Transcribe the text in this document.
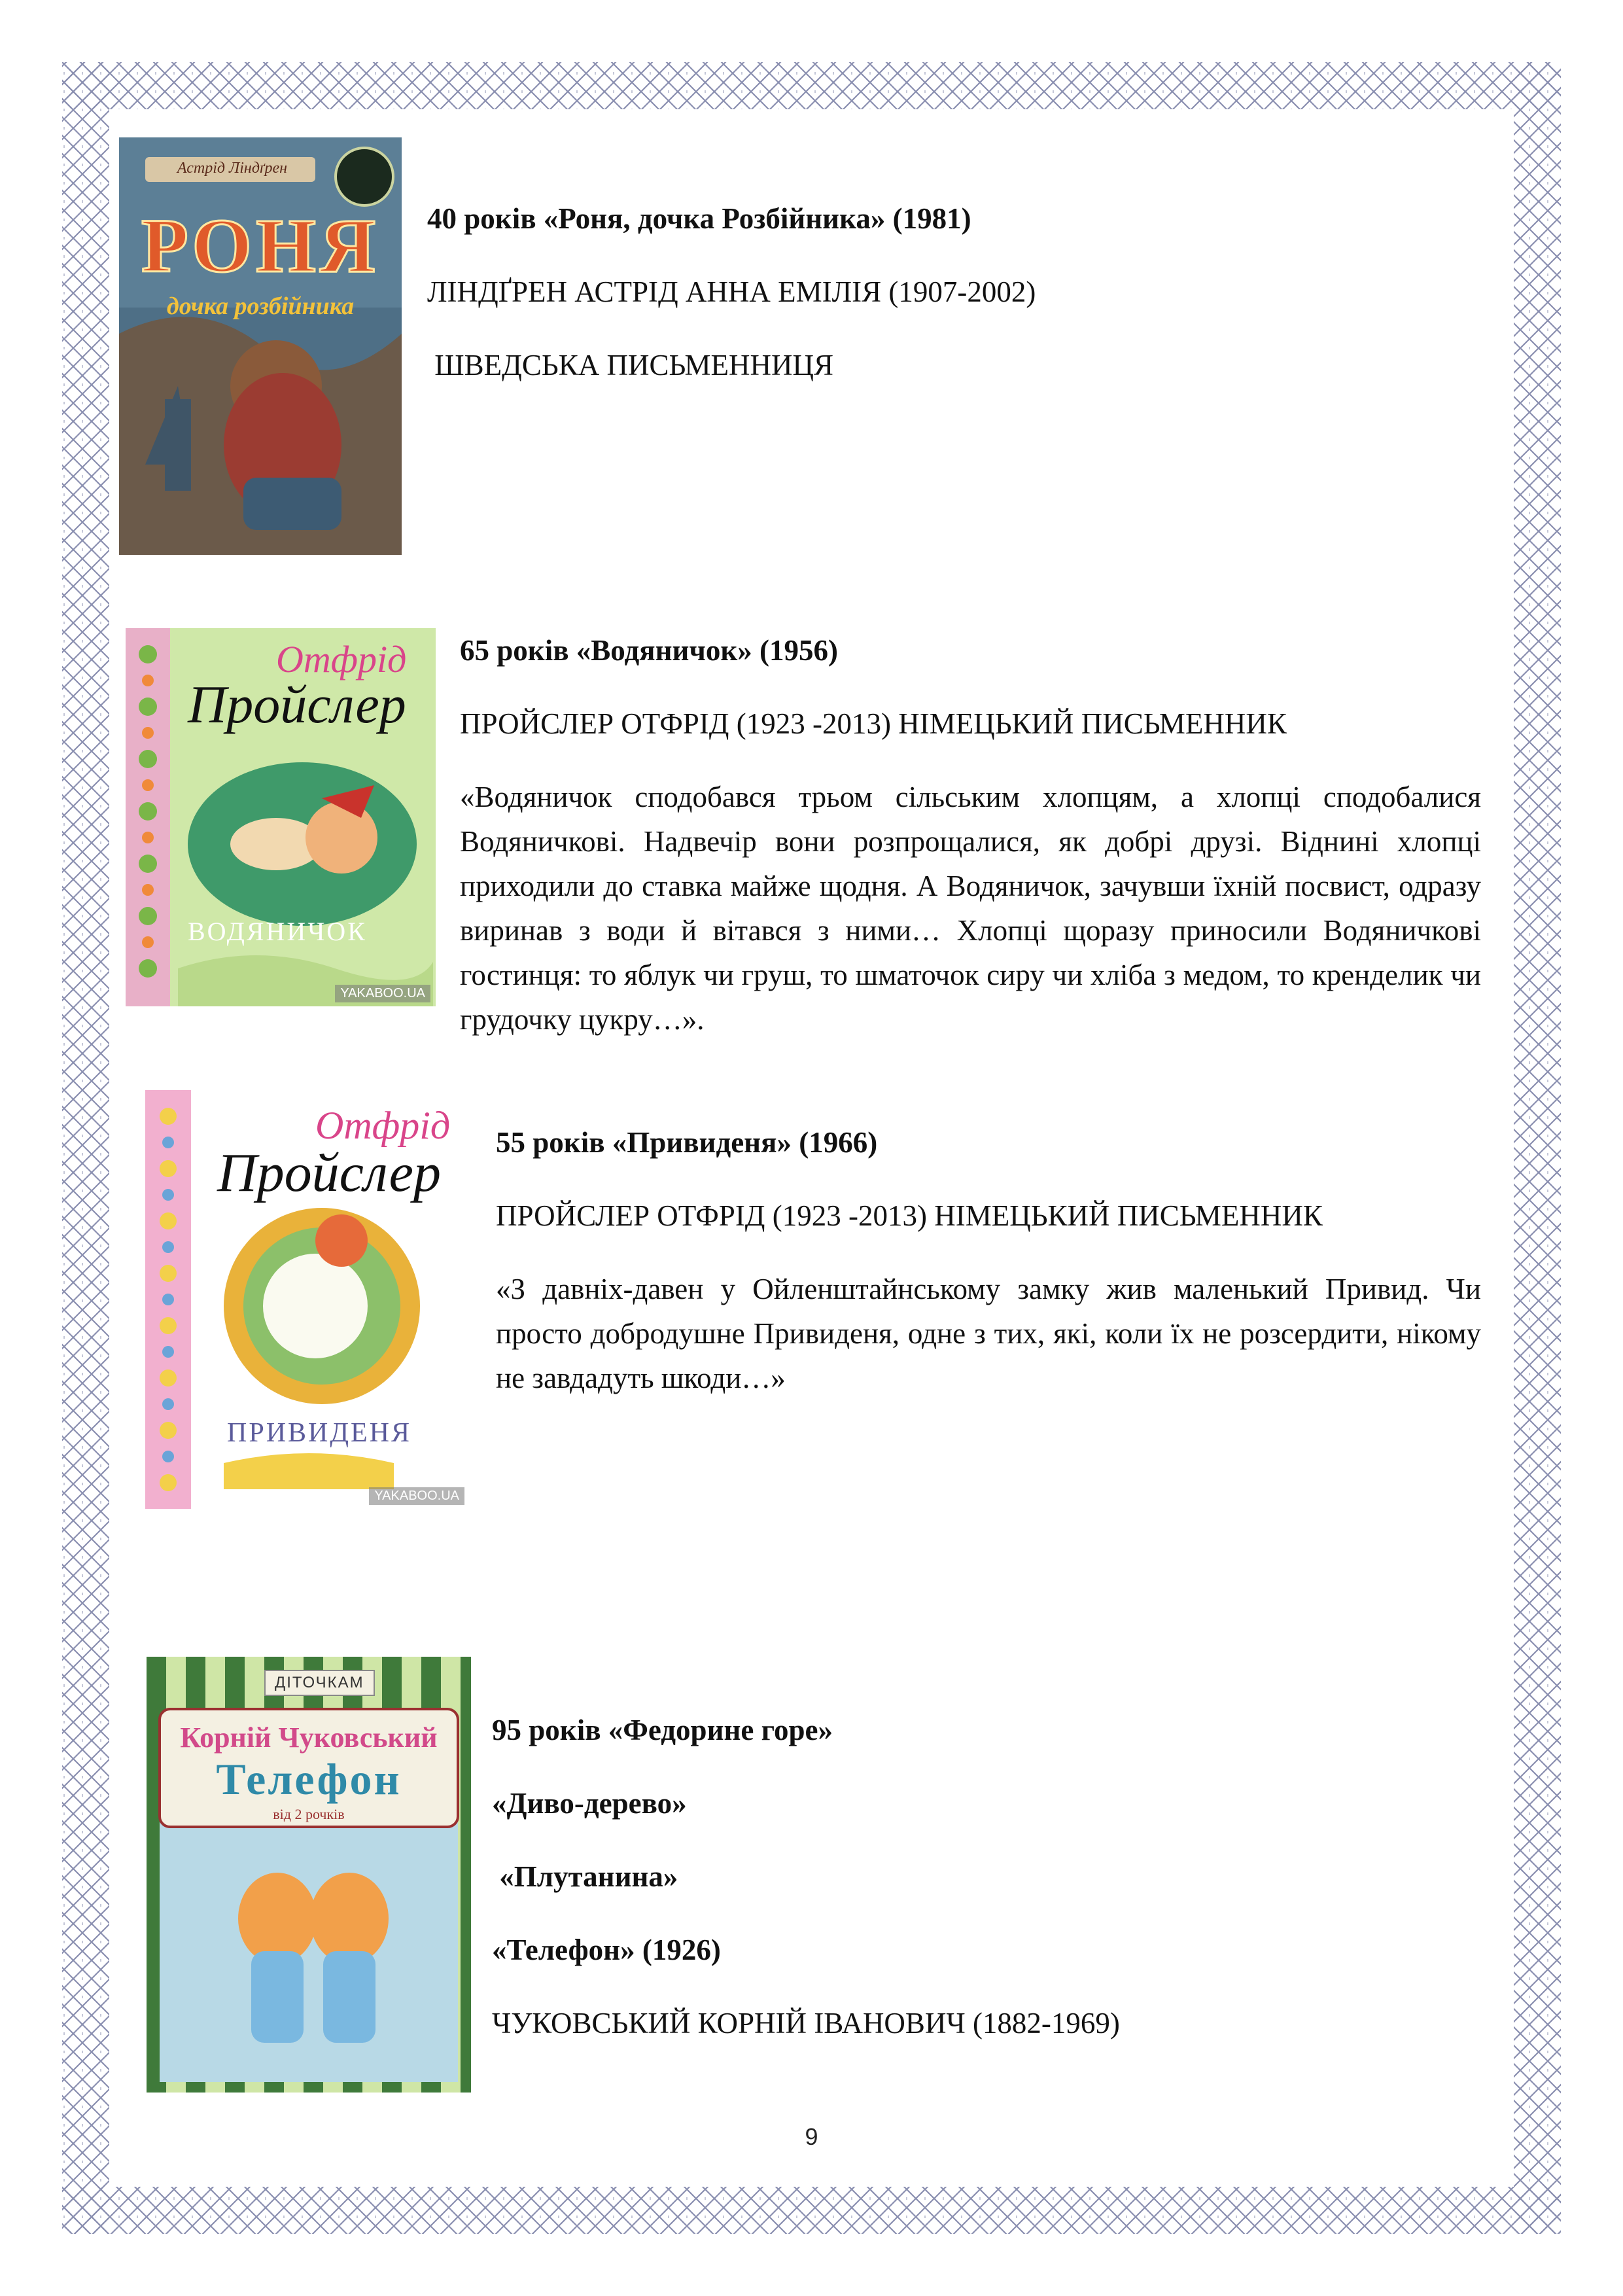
Астрід Ліндґрен
РОНЯ
дочка розбійника

40 років «Роня, дочка Розбійника» (1981)

ЛІНДҐРЕН АСТРІД АННА ЕМІЛІЯ (1907-2002)

ШВЕДСЬКА ПИСЬМЕННИЦЯ

Отфрід
Пройслер
ВОДЯНИЧОК
YAKABOO.UA

65 років «Водяничок» (1956)

ПРОЙСЛЕР ОТФРІД (1923 -2013) НІМЕЦЬКИЙ ПИСЬМЕННИК

«Водяничок сподобався трьом сільським хлопцям, а хлопці сподобалися Водяничкові. Надвечір вони розпрощалися, як добрі друзі. Віднині хлопці приходили до ставка майже щодня. А Водяничок, зачувши їхній посвист, одразу виринав з води й вітався з ними… Хлопці щоразу приносили Водяничкові гостинця: то яблук чи груш, то шматочок сиру чи хліба з медом, то кренделик чи грудочку цукру…».

Отфрід
Пройслер
ПРИВИДЕНЯ
YAKABOO.UA

55 років «Привиденя» (1966)

ПРОЙСЛЕР ОТФРІД (1923 -2013) НІМЕЦЬКИЙ ПИСЬМЕННИК

«З давніх-давен у Ойленштайнському замку жив маленький Привид. Чи просто добродушне Привиденя, одне з тих, які, коли їх не розсердити, нікому не завдадуть шкоди…»

ДІТОЧКАМ
Корній Чуковський
Телефон
від 2 рочків

95 років «Федорине горе»

«Диво-дерево»

«Плутанина»

«Телефон» (1926)

ЧУКОВСЬКИЙ КОРНІЙ ІВАНОВИЧ (1882-1969)

9
